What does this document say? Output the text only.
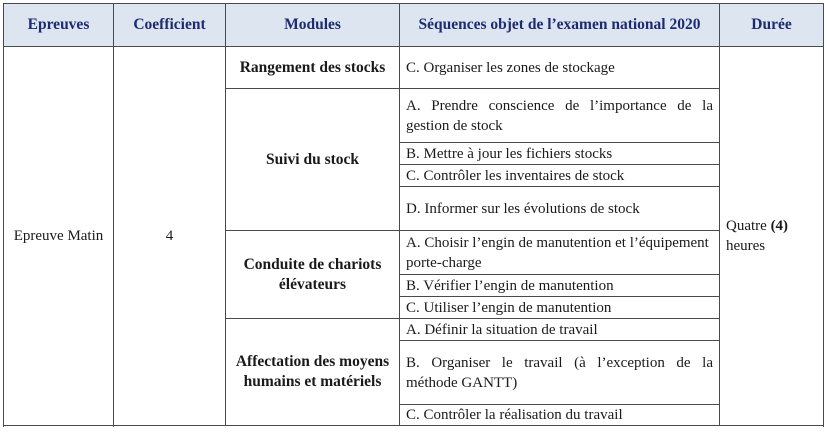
Epreuves	Coefficient	Modules	Séquences objet de l’examen national 2020	Durée
Epreuve Matin	4	Rangement des stocks	C. Organiser les zones de stockage	Quatre (4) heures
		Suivi du stock	A. Prendre conscience de l’importance de la gestion de stock	
			B. Mettre à jour les fichiers stocks	
			C. Contrôler les inventaires de stock	
			D. Informer sur les évolutions de stock	
		Conduite de chariots élévateurs	A. Choisir l’engin de manutention et l’équipement porte-charge	
			B. Vérifier l’engin de manutention	
			C. Utiliser l’engin de manutention	
		Affectation des moyens humains et matériels	A. Définir la situation de travail	
			B. Organiser le travail (à l’exception de la méthode GANTT)	
			C. Contrôler la réalisation du travail	
